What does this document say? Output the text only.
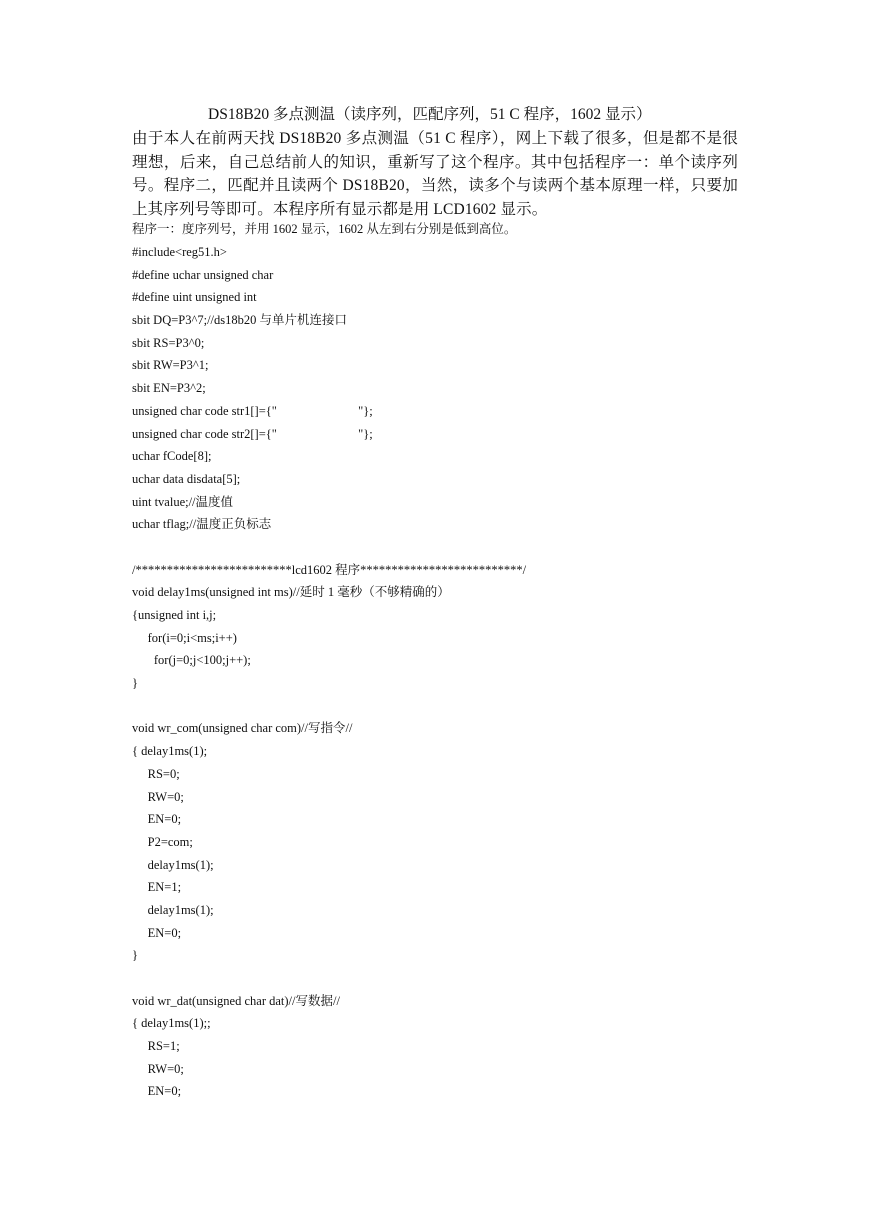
DS18B20 多点测温（读序列，匹配序列，51 C 程序，1602 显示）
由于本人在前两天找 DS18B20 多点测温（51 C 程序），网上下载了很多，但是都不是很理想，后来，自己总结前人的知识，重新写了这个程序。其中包括程序一：单个读序列号。程序二，匹配并且读两个 DS18B20，当然，读多个与读两个基本原理一样，只要加上其序列号等即可。本程序所有显示都是用 LCD1602 显示。
程序一：度序列号，并用 1602 显示，1602 从左到右分别是低到高位。
#include<reg51.h>
#define uchar unsigned char
#define uint unsigned int
sbit DQ=P3^7;//ds18b20 与单片机连接口
sbit RS=P3^0;
sbit RW=P3^1;
sbit EN=P3^2;
unsigned char code str1[]={"                          "};
unsigned char code str2[]={"                          "};
uchar fCode[8];
uchar data disdata[5];
uint tvalue;//温度值
uchar tflag;//温度正负标志
/*************************lcd1602 程序**************************/
void delay1ms(unsigned int ms)//延时 1 毫秒（不够精确的）
{unsigned int i,j;
for(i=0;i<ms;i++)
for(j=0;j<100;j++);
}
void wr_com(unsigned char com)//写指令//
{ delay1ms(1);
RS=0;
RW=0;
EN=0;
P2=com;
delay1ms(1);
EN=1;
delay1ms(1);
EN=0;
}
void wr_dat(unsigned char dat)//写数据//
{ delay1ms(1);;
RS=1;
RW=0;
EN=0;
